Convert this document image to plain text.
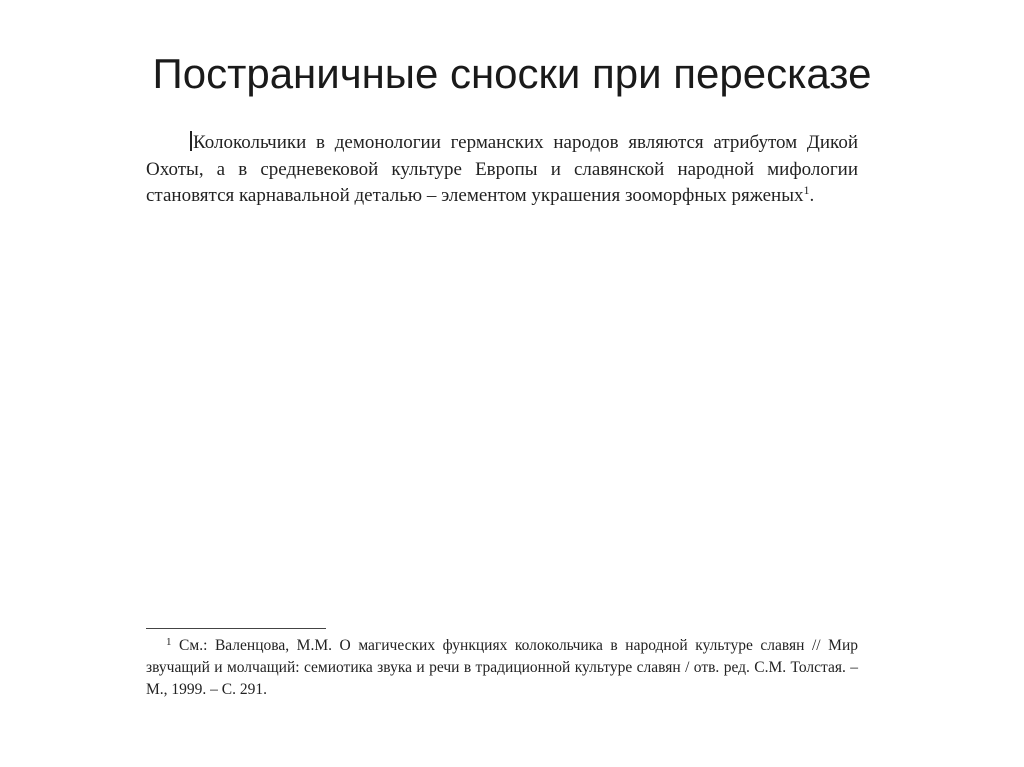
Постраничные сноски при пересказе

Колокольчики в демонологии германских народов являются атрибутом Дикой Охоты, а в средневековой культуре Европы и славянской народной мифологии становятся карнавальной деталью – элементом украшения зооморфных ряженых$^1$.

$^1$ См.: Валенцова, М.М. О магических функциях колокольчика в народной культуре славян // Мир звучащий и молчащий: семиотика звука и речи в традиционной культуре славян / отв. ред. С.М. Толстая. – М., 1999. – С. 291.
